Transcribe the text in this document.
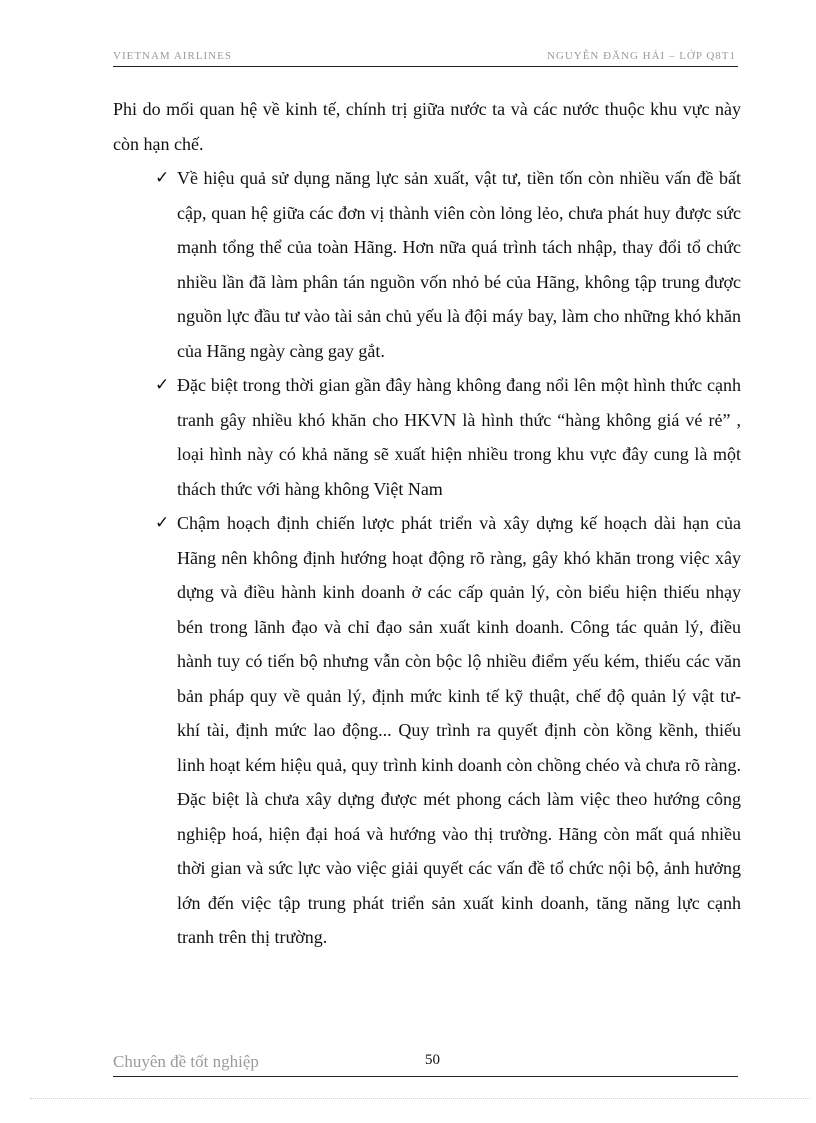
VIETNAM AIRLINES	NGUYỄN ĐĂNG HẢI – LỚP Q8T1

Phi do mối quan hệ về kinh tế, chính trị giữa nước ta và các nước thuộc khu vực này còn hạn chế.

✓ Về hiệu quả sử dụng năng lực sản xuất, vật tư, tiền tốn còn nhiều vấn đề bất cập, quan hệ giữa các đơn vị thành viên còn lỏng lẻo, chưa phát huy được sức mạnh tổng thể của toàn Hãng. Hơn nữa quá trình tách nhập, thay đổi tổ chức nhiều lần đã làm phân tán nguồn vốn nhỏ bé của Hãng, không tập trung được nguồn lực đầu tư vào tài sản chủ yếu là đội máy bay, làm cho những khó khăn của Hãng ngày càng gay gắt.
✓ Đặc biệt trong thời gian gần đây hàng không đang nổi lên một hình thức cạnh tranh gây nhiều khó khăn cho HKVN là hình thức “hàng không giá vé rẻ” , loại hình này có khả năng sẽ xuất hiện nhiều trong khu vực đây cung là một thách thức với hàng không Việt Nam
✓ Chậm hoạch định chiến lược phát triển và xây dựng kế hoạch dài hạn của Hãng nên không định hướng hoạt động rõ ràng, gây khó khăn trong việc xây dựng và điều hành kinh doanh ở các cấp quản lý, còn biểu hiện thiếu nhạy bén trong lãnh đạo và chỉ đạo sản xuất kinh doanh. Công tác quản lý, điều hành tuy có tiến bộ nhưng vẫn còn bộc lộ nhiều điểm yếu kém, thiếu các văn bản pháp quy về quản lý, định mức kinh tế kỹ thuật, chế độ quản lý vật tư- khí tài, định mức lao động... Quy trình ra quyết định còn kồng kềnh, thiếu linh hoạt kém hiệu quả, quy trình kinh doanh còn chồng chéo và chưa rõ ràng. Đặc biệt là chưa xây dựng được mét phong cách làm việc theo hướng công nghiệp hoá, hiện đại hoá và hướng vào thị trường. Hãng còn mất quá nhiều thời gian và sức lực vào việc giải quyết các vấn đề tổ chức nội bộ, ảnh hưởng lớn đến việc tập trung phát triển sản xuất kinh doanh, tăng năng lực cạnh tranh trên thị trường.
Chuyên đề tốt nghiệp	50
